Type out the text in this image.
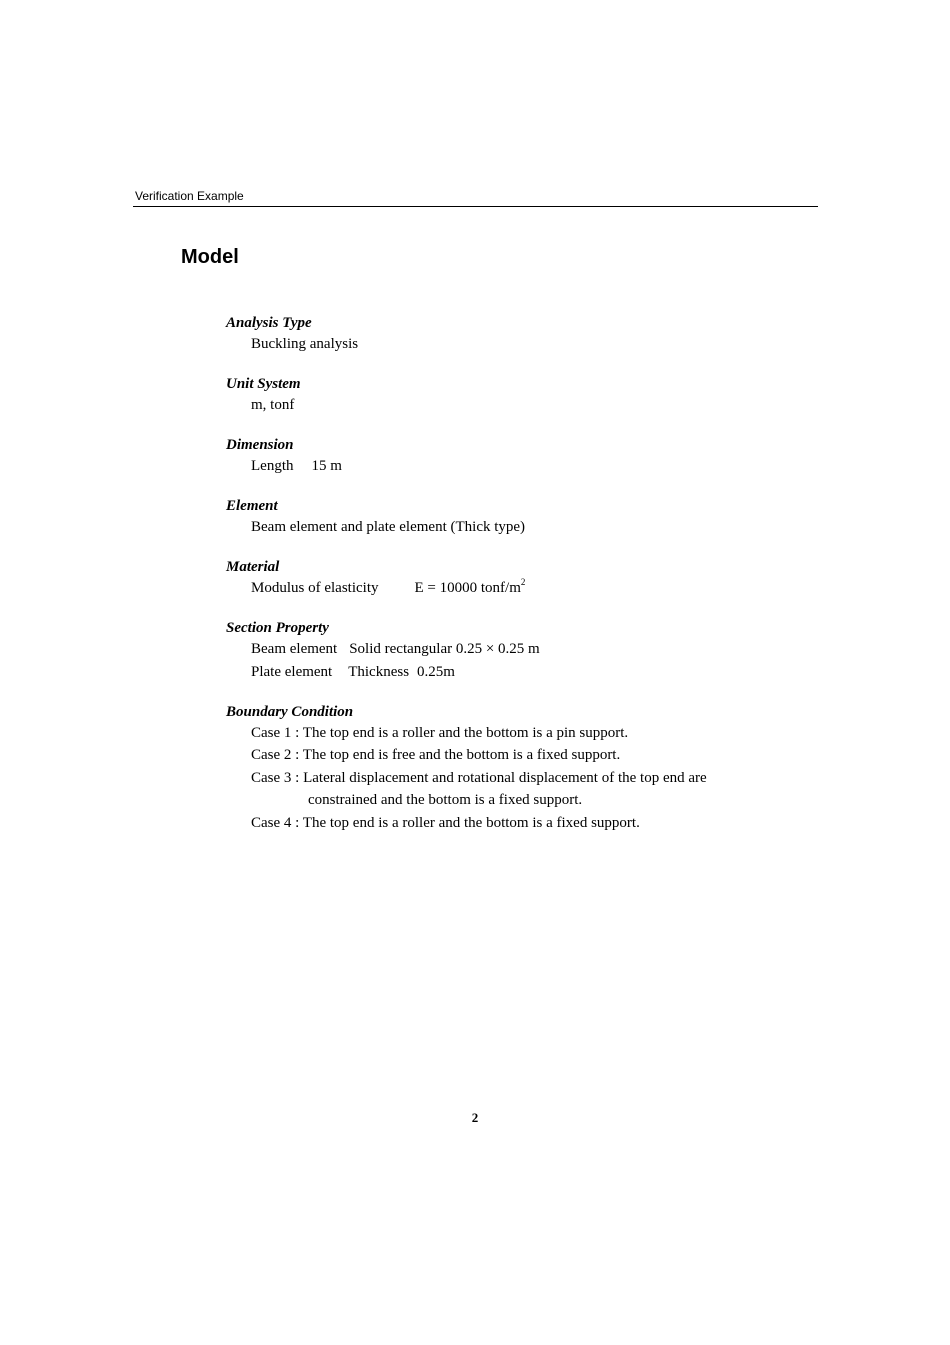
Verification Example
Model
Analysis Type
Buckling analysis
Unit System
m, tonf
Dimension
Length 15 m
Element
Beam element and plate element (Thick type)
Material
Modulus of elasticity E = 10000 tonf/$m^2$
Section Property
Beam element Solid rectangular 0.25 × 0.25 m
Plate element Thickness 0.25m
Boundary Condition
Case 1 : The top end is a roller and the bottom is a pin support.
Case 2 : The top end is free and the bottom is a fixed support.
Case 3 : Lateral displacement and rotational displacement of the top end are
constrained and the bottom is a fixed support.
Case 4 : The top end is a roller and the bottom is a fixed support.
2
